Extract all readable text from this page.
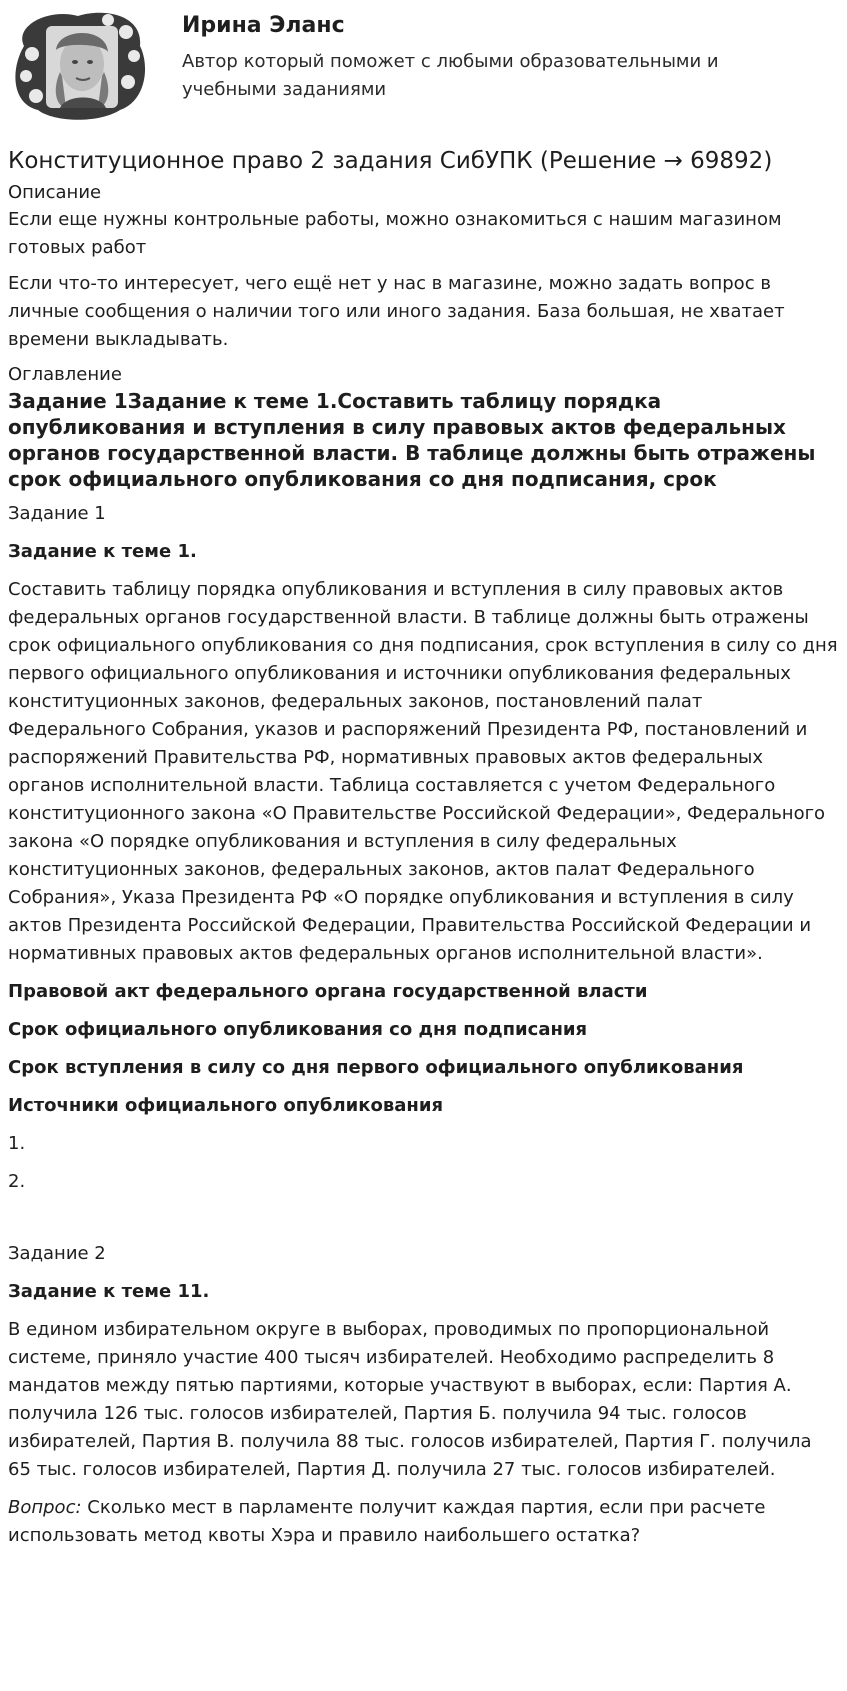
Ирина Эланс
Автор который поможет с любыми образовательными и учебными заданиями
Конституционное право 2 задания СибУПК (Решение → 69892)
Описание

Если еще нужны контрольные работы, можно ознакомиться с нашим магазином готовых работ

Если что-то интересует, чего ещё нет у нас в магазине, можно задать вопрос в личные сообщения о наличии того или иного задания. База большая, не хватает времени выкладывать.

Оглавление
Задание 1Задание к теме 1.Составить таблицу порядка опубликования и вступления в силу правовых актов федеральных органов государственной власти. В таблице должны быть отражены срок официального опубликования со дня подписания, срок
Задание 1
Задание к теме 1.

Составить таблицу порядка опубликования и вступления в силу правовых актов федеральных органов государственной власти. В таблице должны быть отражены срок официального опубликования со дня подписания, срок вступления в силу со дня первого официального опубликования и источники опубликования федеральных конституционных законов, федеральных законов, постановлений палат Федерального Собрания, указов и распоряжений Президента РФ, постановлений и распоряжений Правительства РФ, нормативных правовых актов федеральных органов исполнительной власти. Таблица составляется с учетом Федерального конституционного закона «О Правительстве Российской Федерации», Федерального закона «О порядке опубликования и вступления в силу федеральных конституционных законов, федеральных законов, актов палат Федерального Собрания», Указа Президента РФ «О порядке опубликования и вступления в силу актов Президента Российской Федерации, Правительства Российской Федерации и нормативных правовых актов федеральных органов исполнительной власти».

Правовой акт федерального органа государственной власти
Срок официального опубликования со дня подписания
Срок вступления в силу со дня первого официального опубликования
Источники официального опубликования
1.
2.
Задание 2
Задание к теме 11.

В едином избирательном округе в выборах, проводимых по пропорциональной системе, приняло участие 400 тысяч избирателей. Необходимо распределить 8 мандатов между пятью партиями, которые участвуют в выборах, если: Партия А. получила 126 тыс. голосов избирателей, Партия Б. получила 94 тыс. голосов избирателей, Партия В. получила 88 тыс. голосов избирателей, Партия Г. получила 65 тыс. голосов избирателей, Партия Д. получила 27 тыс. голосов избирателей.

Вопрос: Сколько мест в парламенте получит каждая партия, если при расчете использовать метод квоты Хэра и правило наибольшего остатка?
